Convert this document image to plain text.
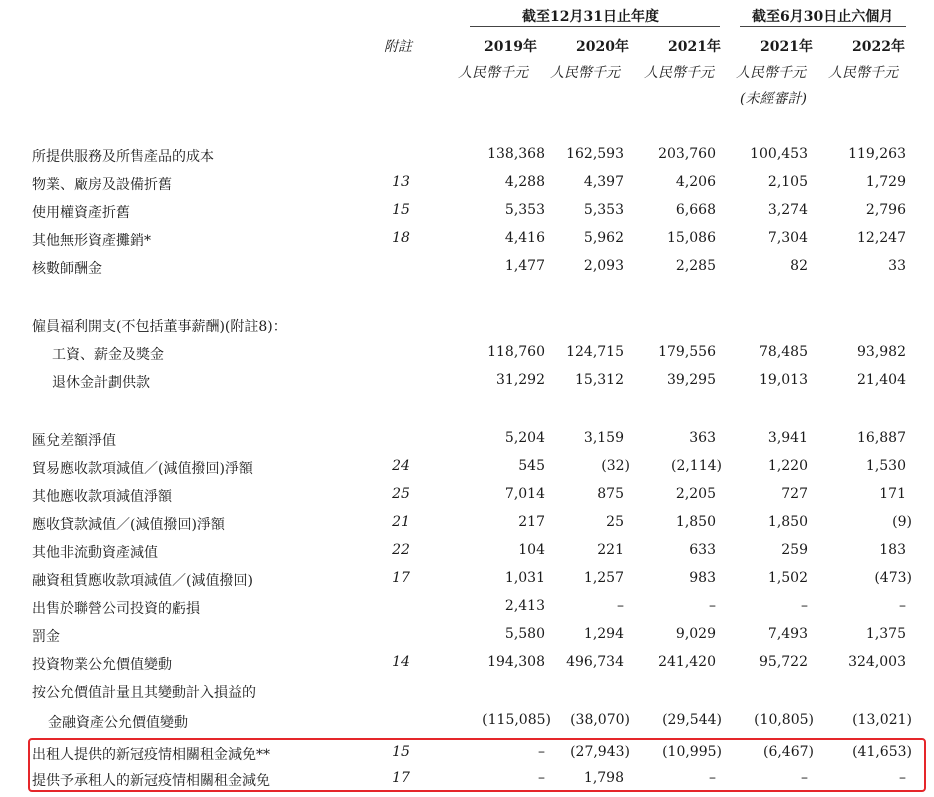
截至12月31日止年度	截至6月30日止六個月
附註	2019年	2020年	2021年	2021年	2022年
人民幣千元 人民幣千元 人民幣千元 人民幣千元 人民幣千元
(未經審計)
所提供服務及所售產品的成本	138,368 162,593 203,760 100,453	119,263
物業、廠房及設備折舊	13	4,288	4,397	4,206	2,105	1,729
使用權資產折舊	15	5,353	5,353	6,668	3,274	2,796
其他無形資產攤銷*	18	4,416	5,962	15,086	7,304	12,247
核數師酬金	1,477	2,093	2,285	82	33
僱員福利開支(不包括董事薪酬)(附註8)：
工資、薪金及獎金	118,760 124,715 179,556	78,485	93,982
退休金計劃供款	31,292 15,312	39,295	19,013	21,404
匯兌差額淨值	5,204	3,159	363	3,941	16,887
貿易應收款項減值／(減值撥回)淨額	24	545	(32)	(2,114)	1,220	1,530
其他應收款項減值淨額	25	7,014	875	2,205	727	171
應收貸款減值／(減值撥回)淨額	21	217	25	1,850	1,850	(9)
其他非流動資產減值	22	104	221	633	259	183
融資租賃應收款項減值／(減值撥回)	17	1,031	1,257	983	1,502	(473)
出售於聯營公司投資的虧損	2,413	–	–	–	–
罰金	5,580	1,294	9,029	7,493	1,375
投資物業公允價值變動	14	194,308 496,734 241,420	95,722	324,003
按公允價值計量且其變動計入損益的
金融資產公允價值變動	(115,085) (38,070) (29,544) (10,805)	(13,021)
出租人提供的新冠疫情相關租金減免**	15	– (27,943) (10,995)	(6,467)	(41,653)
提供予承租人的新冠疫情相關租金減免	17	–	1,798	–	–	–
